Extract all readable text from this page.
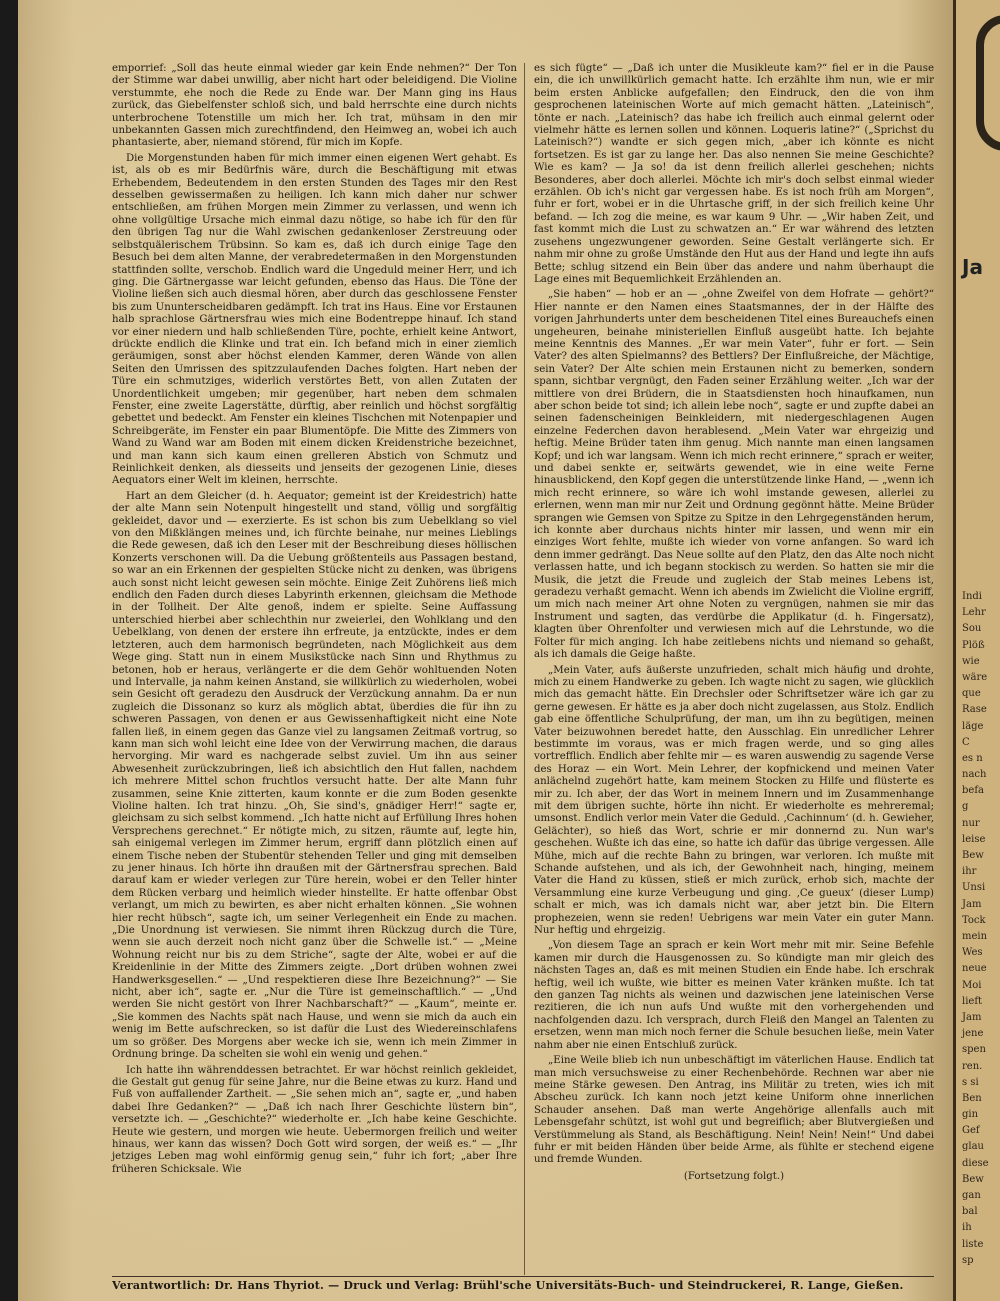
Ja
Indi
Lehr
Sou
Plöß
wie
wäre
que
Rase
läge
C
es n
nach
befa
g
nur
leise
Bew
ihr
Unsi
Jam
Tock
mein
Wes
neue
Moi
lieft
Jam
jene
spen
ren.
s si
Ben
gin
Gef
glau
diese
Bew
gan
bal
ih
liste
sp

emporrief: „Soll das heute einmal wieder gar kein Ende nehmen?“ Der Ton der Stimme war dabei unwillig, aber nicht hart oder beleidigend. Die Violine verstummte, ehe noch die Rede zu Ende war. Der Mann ging ins Haus zurück, das Giebelfenster schloß sich, und bald herrschte eine durch nichts unterbrochene Totenstille um mich her. Ich trat, mühsam in den mir unbekannten Gassen mich zurechtfindend, den Heimweg an, wobei ich auch phantasierte, aber, niemand störend, für mich im Kopfe.

Die Morgenstunden haben für mich immer einen eigenen Wert gehabt. Es ist, als ob es mir Bedürfnis wäre, durch die Beschäftigung mit etwas Erhebendem, Bedeutendem in den ersten Stunden des Tages mir den Rest desselben gewissermaßen zu heiligen. Ich kann mich daher nur schwer entschließen, am frühen Morgen mein Zimmer zu verlassen, und wenn ich ohne vollgültige Ursache mich einmal dazu nötige, so habe ich für den für den übrigen Tag nur die Wahl zwischen gedankenloser Zerstreuung oder selbstquälerischem Trübsinn. So kam es, daß ich durch einige Tage den Besuch bei dem alten Manne, der verabredetermaßen in den Morgenstunden stattfinden sollte, verschob. Endlich ward die Ungeduld meiner Herr, und ich ging. Die Gärtnergasse war leicht gefunden, ebenso das Haus. Die Töne der Violine ließen sich auch diesmal hören, aber durch das geschlossene Fenster bis zum Ununterscheidbaren gedämpft. Ich trat ins Haus. Eine vor Erstaunen halb sprachlose Gärtnersfrau wies mich eine Bodentreppe hinauf. Ich stand vor einer niedern und halb schließenden Türe, pochte, erhielt keine Antwort, drückte endlich die Klinke und trat ein. Ich befand mich in einer ziemlich geräumigen, sonst aber höchst elenden Kammer, deren Wände von allen Seiten den Umrissen des spitzzulaufenden Daches folgten. Hart neben der Türe ein schmutziges, widerlich verstörtes Bett, von allen Zutaten der Unordentlichkeit umgeben; mir gegenüber, hart neben dem schmalen Fenster, eine zweite Lagerstätte, dürftig, aber reinlich und höchst sorgfältig gebettet und bedeckt. Am Fenster ein kleines Tischchen mit Notenpapier und Schreibgeräte, im Fenster ein paar Blumentöpfe. Die Mitte des Zimmers von Wand zu Wand war am Boden mit einem dicken Kreidenstriche bezeichnet, und man kann sich kaum einen grelleren Abstich von Schmutz und Reinlichkeit denken, als diesseits und jenseits der gezogenen Linie, dieses Aequators einer Welt im kleinen, herrschte.

Hart an dem Gleicher (d. h. Aequator; gemeint ist der Kreidestrich) hatte der alte Mann sein Notenpult hingestellt und stand, völlig und sorgfältig gekleidet, davor und — exerzierte. Es ist schon bis zum Uebelklang so viel von den Mißklängen meines und, ich fürchte beinahe, nur meines Lieblings die Rede gewesen, daß ich den Leser mit der Beschreibung dieses höllischen Konzerts verschonen will. Da die Uebung größtenteils aus Passagen bestand, so war an ein Erkennen der gespielten Stücke nicht zu denken, was übrigens auch sonst nicht leicht gewesen sein möchte. Einige Zeit Zuhörens ließ mich endlich den Faden durch dieses Labyrinth erkennen, gleichsam die Methode in der Tollheit. Der Alte genoß, indem er spielte. Seine Auffassung unterschied hierbei aber schlechthin nur zweierlei, den Wohlklang und den Uebelklang, von denen der erstere ihn erfreute, ja entzückte, indes er dem letzteren, auch dem harmonisch begründeten, nach Möglichkeit aus dem Wege ging. Statt nun in einem Musikstücke nach Sinn und Rhythmus zu betonen, hob er heraus, verlängerte er die dem Gehör wohltuenden Noten und Intervalle, ja nahm keinen Anstand, sie willkürlich zu wiederholen, wobei sein Gesicht oft geradezu den Ausdruck der Verzückung annahm. Da er nun zugleich die Dissonanz so kurz als möglich abtat, überdies die für ihn zu schweren Passagen, von denen er aus Gewissenhaftigkeit nicht eine Note fallen ließ, in einem gegen das Ganze viel zu langsamen Zeitmaß vortrug, so kann man sich wohl leicht eine Idee von der Verwirrung machen, die daraus hervorging. Mir ward es nachgerade selbst zuviel. Um ihn aus seiner Abwesenheit zurückzubringen, ließ ich absichtlich den Hut fallen, nachdem ich mehrere Mittel schon fruchtlos versucht hatte. Der alte Mann fuhr zusammen, seine Knie zitterten, kaum konnte er die zum Boden gesenkte Violine halten. Ich trat hinzu. „Oh, Sie sind's, gnädiger Herr!“ sagte er, gleichsam zu sich selbst kommend. „Ich hatte nicht auf Erfüllung Ihres hohen Versprechens gerechnet.“ Er nötigte mich, zu sitzen, räumte auf, legte hin, sah einigemal verlegen im Zimmer herum, ergriff dann plötzlich einen auf einem Tische neben der Stubentür stehenden Teller und ging mit demselben zu jener hinaus. Ich hörte ihn draußen mit der Gärtnersfrau sprechen. Bald darauf kam er wieder verlegen zur Türe herein, wobei er den Teller hinter dem Rücken verbarg und heimlich wieder hinstellte. Er hatte offenbar Obst verlangt, um mich zu bewirten, es aber nicht erhalten können. „Sie wohnen hier recht hübsch“, sagte ich, um seiner Verlegenheit ein Ende zu machen. „Die Unordnung ist verwiesen. Sie nimmt ihren Rückzug durch die Türe, wenn sie auch derzeit noch nicht ganz über die Schwelle ist.“ — „Meine Wohnung reicht nur bis zu dem Striche“, sagte der Alte, wobei er auf die Kreidenlinie in der Mitte des Zimmers zeigte. „Dort drüben wohnen zwei Handwerksgesellen.“ — „Und respektieren diese Ihre Bezeichnung?“ — Sie nicht, aber ich“, sagte er. „Nur die Türe ist gemeinschaftlich.“ — „Und werden Sie nicht gestört von Ihrer Nachbarschaft?“ — „Kaum“, meinte er. „Sie kommen des Nachts spät nach Hause, und wenn sie mich da auch ein wenig im Bette aufschrecken, so ist dafür die Lust des Wiedereinschlafens um so größer. Des Morgens aber wecke ich sie, wenn ich mein Zimmer in Ordnung bringe. Da schelten sie wohl ein wenig und gehen.“

Ich hatte ihn währenddessen betrachtet. Er war höchst reinlich gekleidet, die Gestalt gut genug für seine Jahre, nur die Beine etwas zu kurz. Hand und Fuß von auffallender Zartheit. — „Sie sehen mich an“, sagte er, „und haben dabei Ihre Gedanken?“ — „Daß ich nach Ihrer Geschichte lüstern bin“, versetzte ich. — „Geschichte?“ wiederholte er. „Ich habe keine Geschichte. Heute wie gestern, und morgen wie heute. Uebermorgen freilich und weiter hinaus, wer kann das wissen? Doch Gott wird sorgen, der weiß es.“ — „Ihr jetziges Leben mag wohl einförmig genug sein,“ fuhr ich fort; „aber Ihre früheren Schicksale. Wie

es sich fügte“ — „Daß ich unter die Musikleute kam?“ fiel er in die Pause ein, die ich unwillkürlich gemacht hatte. Ich erzählte ihm nun, wie er mir beim ersten Anblicke aufgefallen; den Eindruck, den die von ihm gesprochenen lateinischen Worte auf mich gemacht hätten. „Lateinisch“, tönte er nach. „Lateinisch? das habe ich freilich auch einmal gelernt oder vielmehr hätte es lernen sollen und können. Loqueris latine?“ („Sprichst du Lateinisch?“) wandte er sich gegen mich, „aber ich könnte es nicht fortsetzen. Es ist gar zu lange her. Das also nennen Sie meine Geschichte? Wie es kam? — Ja so! da ist denn freilich allerlei geschehen; nichts Besonderes, aber doch allerlei. Möchte ich mir's doch selbst einmal wieder erzählen. Ob ich's nicht gar vergessen habe. Es ist noch früh am Morgen“, fuhr er fort, wobei er in die Uhrtasche griff, in der sich freilich keine Uhr befand. — Ich zog die meine, es war kaum 9 Uhr. — „Wir haben Zeit, und fast kommt mich die Lust zu schwatzen an.“ Er war während des letzten zusehens ungezwungener geworden. Seine Gestalt verlängerte sich. Er nahm mir ohne zu große Umstände den Hut aus der Hand und legte ihn aufs Bette; schlug sitzend ein Bein über das andere und nahm überhaupt die Lage eines mit Bequemlichkeit Erzählenden an.

„Sie haben“ — hob er an — „ohne Zweifel von dem Hofrate — gehört?“ Hier nannte er den Namen eines Staatsmannes, der in der Hälfte des vorigen Jahrhunderts unter dem bescheidenen Titel eines Bureauchefs einen ungeheuren, beinahe ministeriellen Einfluß ausgeübt hatte. Ich bejahte meine Kenntnis des Mannes. „Er war mein Vater“, fuhr er fort. — Sein Vater? des alten Spielmanns? des Bettlers? Der Einflußreiche, der Mächtige, sein Vater? Der Alte schien mein Erstaunen nicht zu bemerken, sondern spann, sichtbar vergnügt, den Faden seiner Erzählung weiter. „Ich war der mittlere von drei Brüdern, die in Staatsdiensten hoch hinaufkamen, nun aber schon beide tot sind; ich allein lebe noch“, sagte er und zupfte dabei an seinen fadenscheinigen Beinkleidern, mit niedergeschlagenen Augen einzelne Federchen davon herablesend. „Mein Vater war ehrgeizig und heftig. Meine Brüder taten ihm genug. Mich nannte man einen langsamen Kopf; und ich war langsam. Wenn ich mich recht erinnere,“ sprach er weiter, und dabei senkte er, seitwärts gewendet, wie in eine weite Ferne hinausblickend, den Kopf gegen die unterstützende linke Hand, — „wenn ich mich recht erinnere, so wäre ich wohl imstande gewesen, allerlei zu erlernen, wenn man mir nur Zeit und Ordnung gegönnt hätte. Meine Brüder sprangen wie Gemsen von Spitze zu Spitze in den Lehrgegenständen herum, ich konnte aber durchaus nichts hinter mir lassen, und wenn mir ein einziges Wort fehlte, mußte ich wieder von vorne anfangen. So ward ich denn immer gedrängt. Das Neue sollte auf den Platz, den das Alte noch nicht verlassen hatte, und ich begann stockisch zu werden. So hatten sie mir die Musik, die jetzt die Freude und zugleich der Stab meines Lebens ist, geradezu verhaßt gemacht. Wenn ich abends im Zwielicht die Violine ergriff, um mich nach meiner Art ohne Noten zu vergnügen, nahmen sie mir das Instrument und sagten, das verdürbe die Applikatur (d. h. Fingersatz), klagten über Ohrenfolter und verwiesen mich auf die Lehrstunde, wo die Folter für mich anging. Ich habe zeitlebens nichts und niemand so gehaßt, als ich damals die Geige haßte.

„Mein Vater, aufs äußerste unzufrieden, schalt mich häufig und drohte, mich zu einem Handwerke zu geben. Ich wagte nicht zu sagen, wie glücklich mich das gemacht hätte. Ein Drechsler oder Schriftsetzer wäre ich gar zu gerne gewesen. Er hätte es ja aber doch nicht zugelassen, aus Stolz. Endlich gab eine öffentliche Schulprüfung, der man, um ihn zu begütigen, meinen Vater beizuwohnen beredet hatte, den Ausschlag. Ein unredlicher Lehrer bestimmte im voraus, was er mich fragen werde, und so ging alles vortrefflich. Endlich aber fehlte mir — es waren auswendig zu sagende Verse des Horaz — ein Wort. Mein Lehrer, der kopfnickend und meinen Vater anlächelnd zugehört hatte, kam meinem Stocken zu Hilfe und flüsterte es mir zu. Ich aber, der das Wort in meinem Innern und im Zusammenhange mit dem übrigen suchte, hörte ihn nicht. Er wiederholte es mehreremal; umsonst. Endlich verlor mein Vater die Geduld. ‚Cachinnum‘ (d. h. Gewieher, Gelächter), so hieß das Wort, schrie er mir donnernd zu. Nun war's geschehen. Wußte ich das eine, so hatte ich dafür das übrige vergessen. Alle Mühe, mich auf die rechte Bahn zu bringen, war verloren. Ich mußte mit Schande aufstehen, und als ich, der Gewohnheit nach, hinging, meinem Vater die Hand zu küssen, stieß er mich zurück, erhob sich, machte der Versammlung eine kurze Verbeugung und ging. ‚Ce gueux‘ (dieser Lump) schalt er mich, was ich damals nicht war, aber jetzt bin. Die Eltern prophezeien, wenn sie reden! Uebrigens war mein Vater ein guter Mann. Nur heftig und ehrgeizig.

„Von diesem Tage an sprach er kein Wort mehr mit mir. Seine Befehle kamen mir durch die Hausgenossen zu. So kündigte man mir gleich des nächsten Tages an, daß es mit meinen Studien ein Ende habe. Ich erschrak heftig, weil ich wußte, wie bitter es meinen Vater kränken mußte. Ich tat den ganzen Tag nichts als weinen und dazwischen jene lateinischen Verse rezitieren, die ich nun aufs Und wußte mit den vorhergehenden und nachfolgenden dazu. Ich versprach, durch Fleiß den Mangel an Talenten zu ersetzen, wenn man mich noch ferner die Schule besuchen ließe, mein Vater nahm aber nie einen Entschluß zurück.

„Eine Weile blieb ich nun unbeschäftigt im väterlichen Hause. Endlich tat man mich versuchsweise zu einer Rechenbehörde. Rechnen war aber nie meine Stärke gewesen. Den Antrag, ins Militär zu treten, wies ich mit Abscheu zurück. Ich kann noch jetzt keine Uniform ohne innerlichen Schauder ansehen. Daß man werte Angehörige allenfalls auch mit Lebensgefahr schützt, ist wohl gut und begreiflich; aber Blutvergießen und Verstümmelung als Stand, als Beschäftigung. Nein! Nein! Nein!“ Und dabei fuhr er mit beiden Händen über beide Arme, als fühlte er stechend eigene und fremde Wunden.

(Fortsetzung folgt.)

Verantwortlich: Dr. Hans Thyriot. — Druck und Verlag: Brühl'sche Universitäts-Buch- und Steindruckerei, R. Lange, Gießen.
